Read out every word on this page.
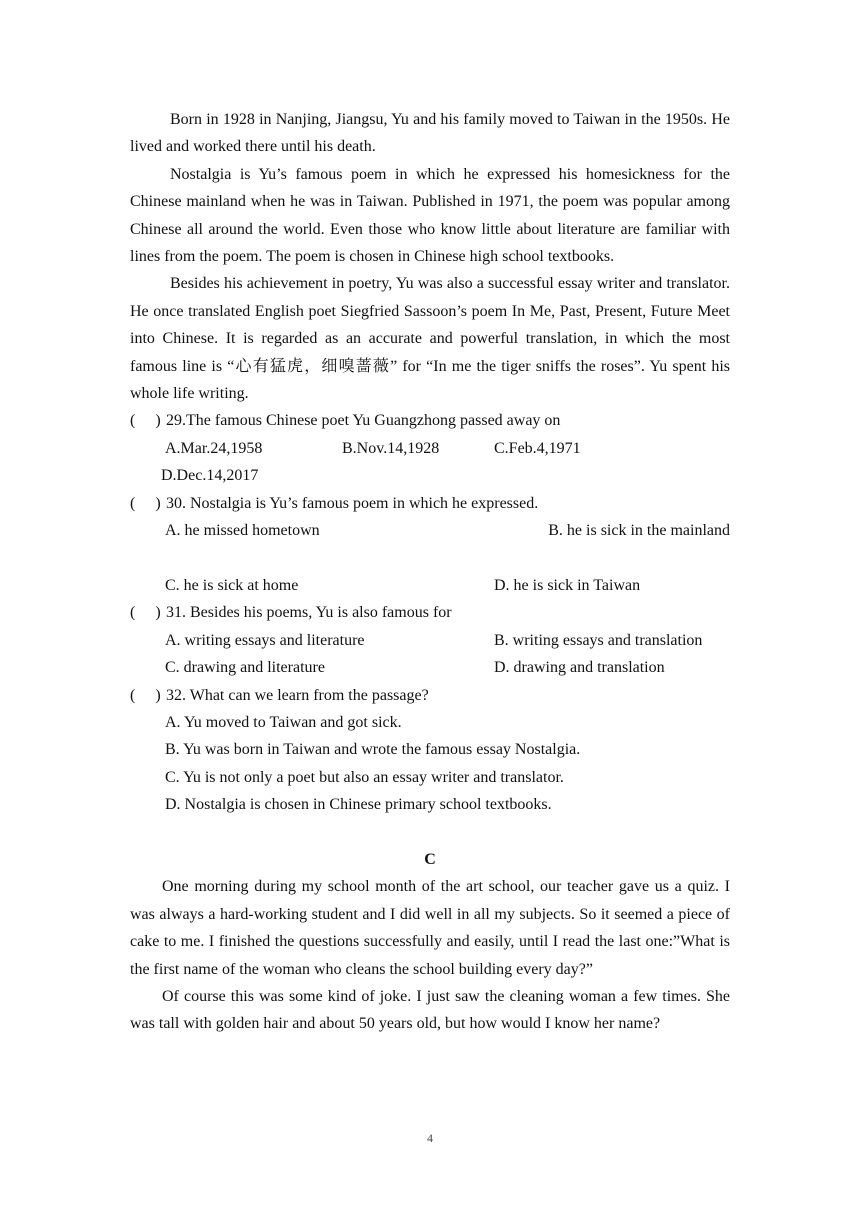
Born in 1928 in Nanjing, Jiangsu, Yu and his family moved to Taiwan in the 1950s. He lived and worked there until his death.

Nostalgia is Yu’s famous poem in which he expressed his homesickness for the Chinese mainland when he was in Taiwan. Published in 1971, the poem was popular among Chinese all around the world. Even those who know little about literature are familiar with lines from the poem. The poem is chosen in Chinese high school textbooks.

Besides his achievement in poetry, Yu was also a successful essay writer and translator. He once translated English poet Siegfried Sassoon’s poem In Me, Past, Present, Future Meet into Chinese. It is regarded as an accurate and powerful translation, in which the most famous line is “心有猛虎，细嗅蔷薇” for “In me the tiger sniffs the roses”. Yu spent his whole life writing.

(     ) 29.The famous Chinese poet Yu Guangzhong passed away on
A.Mar.24,1958	B.Nov.14,1928	C.Feb.4,1971

D.Dec.14,2017

(     ) 30. Nostalgia is Yu’s famous poem in which he expressed.
A. he missed hometown	B. he is sick in the mainland
C. he is sick at home	D. he is sick in Taiwan
(     ) 31. Besides his poems, Yu is also famous for
A. writing essays and literature	B. writing essays and translation
C. drawing and literature	D. drawing and translation
(     ) 32. What can we learn from the passage?
A. Yu moved to Taiwan and got sick.
B. Yu was born in Taiwan and wrote the famous essay Nostalgia.
C. Yu is not only a poet but also an essay writer and translator.
D. Nostalgia is chosen in Chinese primary school textbooks.

C

One morning during my school month of the art school, our teacher gave us a quiz. I was always a hard-working student and I did well in all my subjects. So it seemed a piece of cake to me. I finished the questions successfully and easily, until I read the last one:”What is the first name of the woman who cleans the school building every day?”

Of course this was some kind of joke. I just saw the cleaning woman a few times. She was tall with golden hair and about 50 years old, but how would I know her name?

4
